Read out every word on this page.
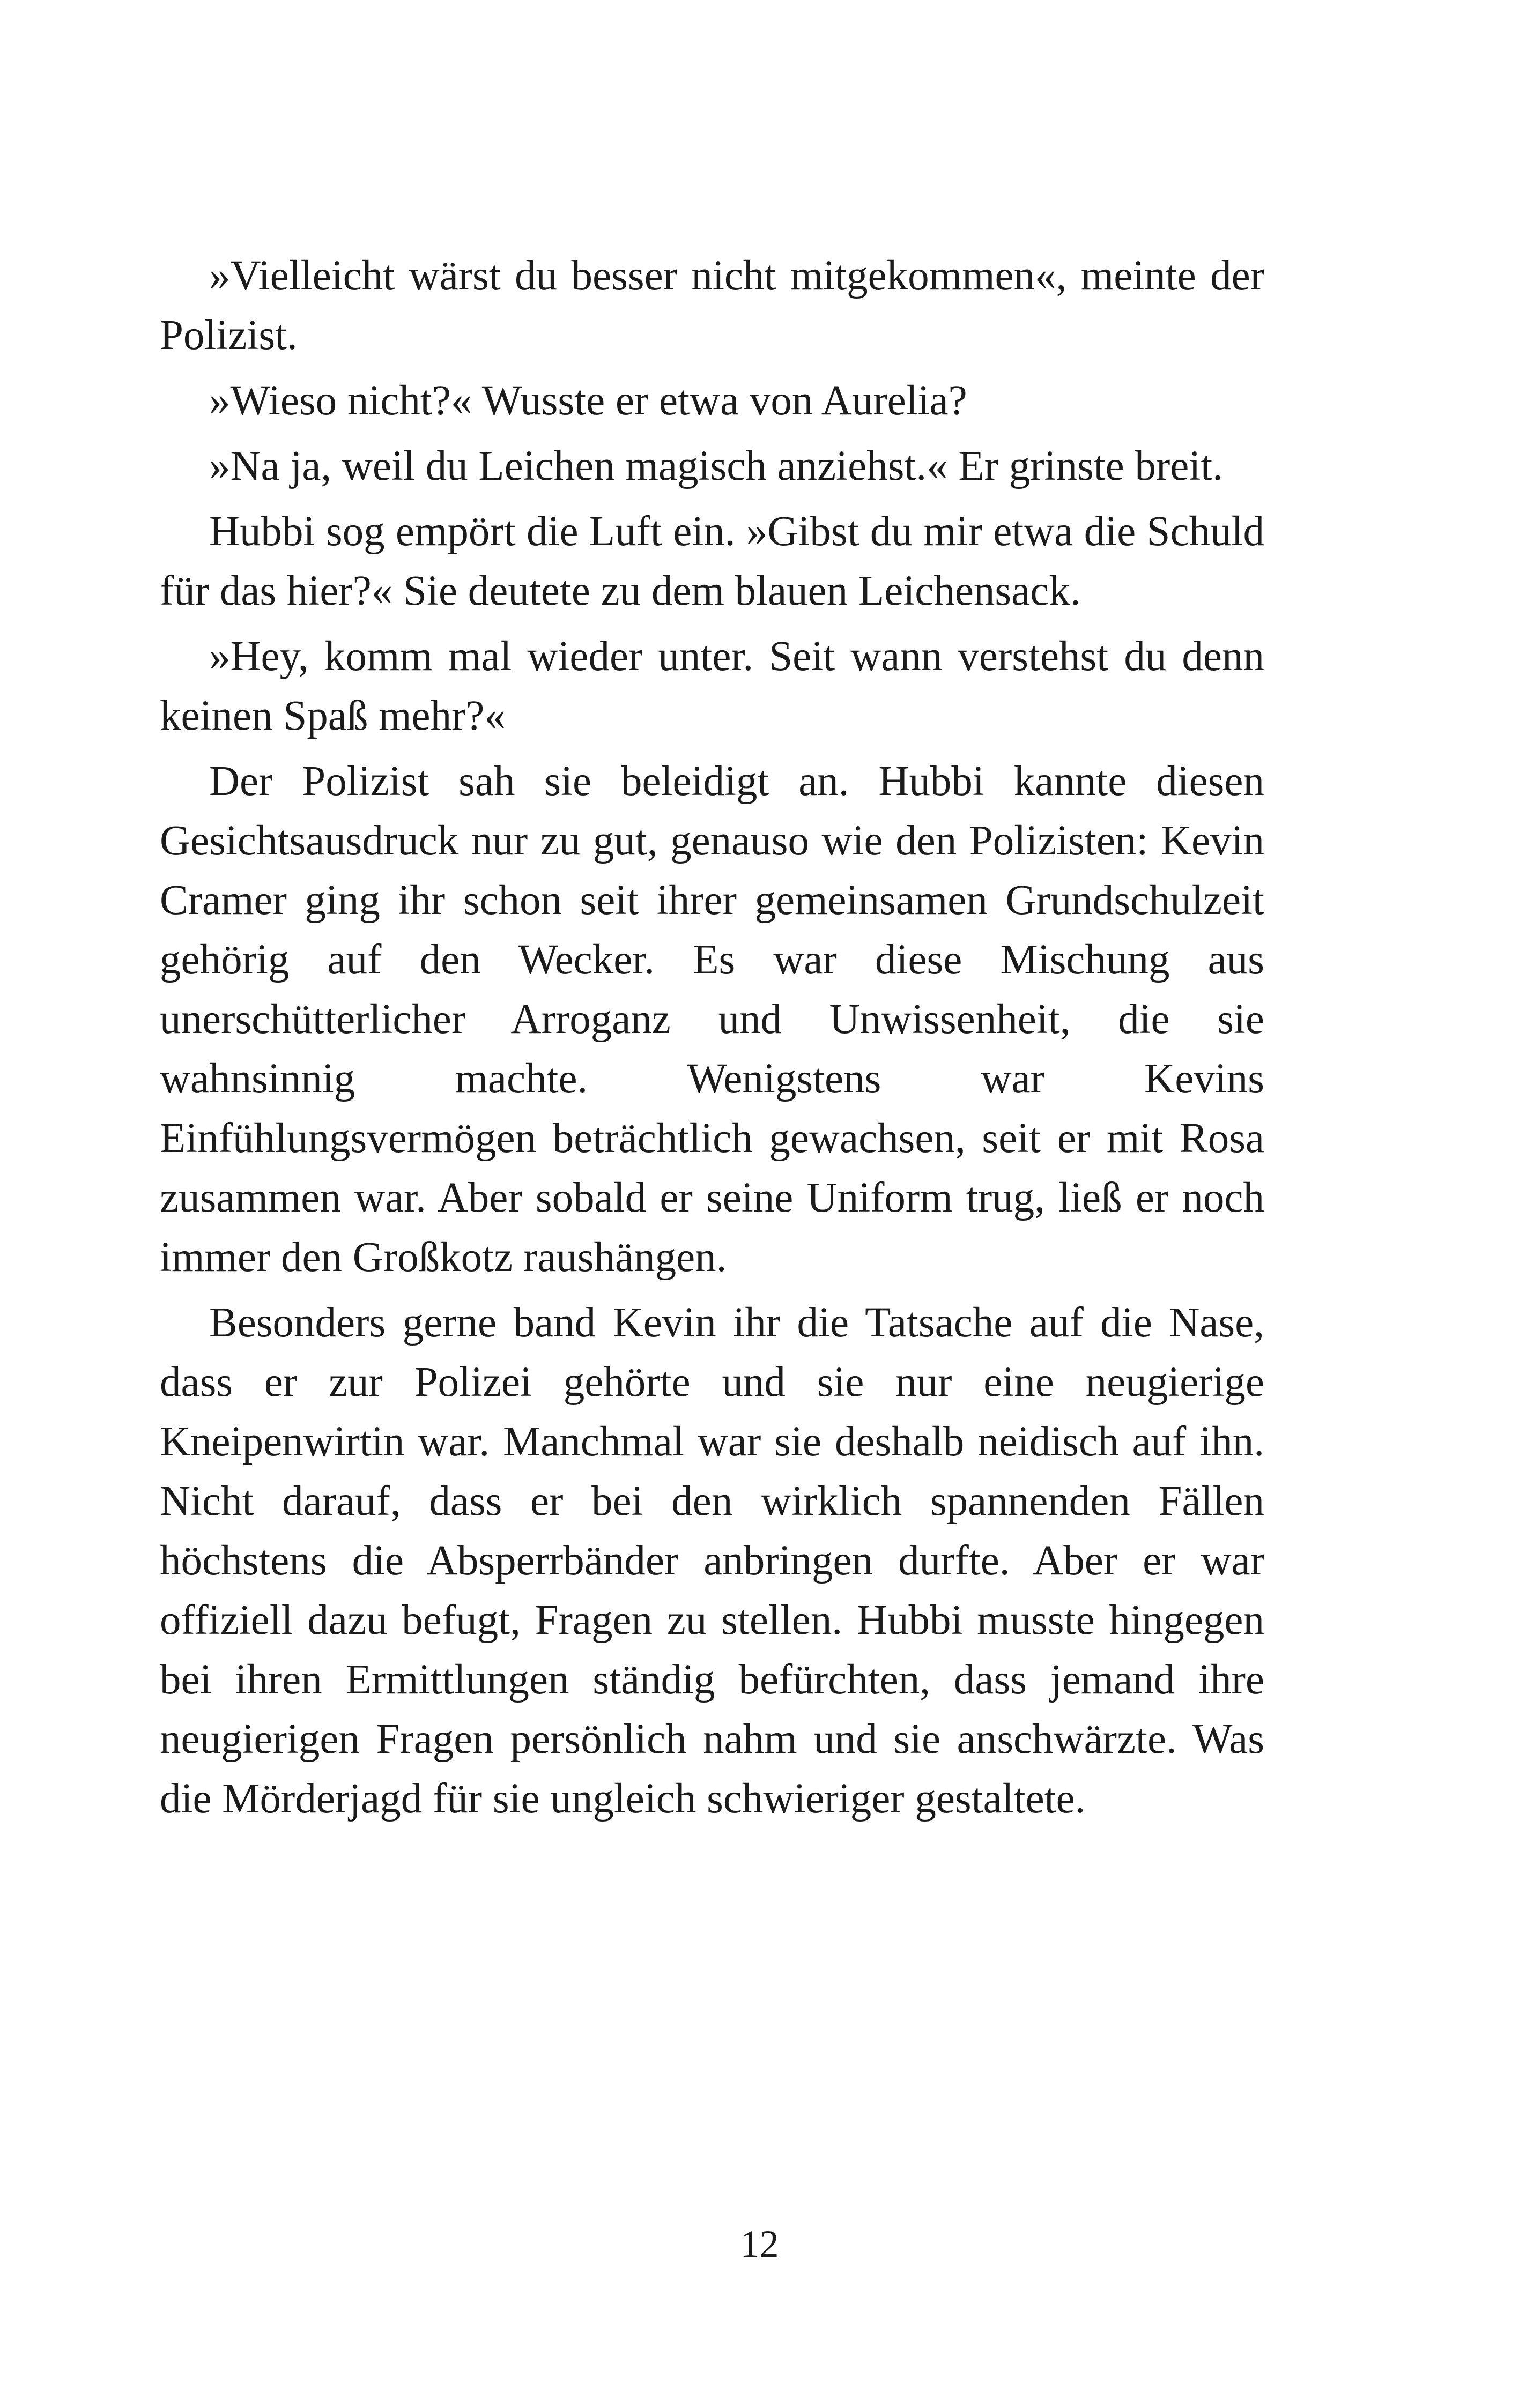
»Vielleicht wärst du besser nicht mitgekommen«, meinte der Polizist.

»Wieso nicht?« Wusste er etwa von Aurelia?

»Na ja, weil du Leichen magisch anziehst.« Er grinste breit.

Hubbi sog empört die Luft ein. »Gibst du mir etwa die Schuld für das hier?« Sie deutete zu dem blauen Leichensack.

»Hey, komm mal wieder unter. Seit wann verstehst du denn keinen Spaß mehr?«

Der Polizist sah sie beleidigt an. Hubbi kannte diesen Gesichtsausdruck nur zu gut, genauso wie den Polizisten: Kevin Cramer ging ihr schon seit ihrer gemeinsamen Grundschulzeit gehörig auf den Wecker. Es war diese Mischung aus unerschütterlicher Arroganz und Unwissenheit, die sie wahnsinnig machte. Wenigstens war Kevins Einfühlungsvermögen beträchtlich gewachsen, seit er mit Rosa zusammen war. Aber sobald er seine Uniform trug, ließ er noch immer den Großkotz raushängen.

Besonders gerne band Kevin ihr die Tatsache auf die Nase, dass er zur Polizei gehörte und sie nur eine neugierige Kneipenwirtin war. Manchmal war sie deshalb neidisch auf ihn. Nicht darauf, dass er bei den wirklich spannenden Fällen höchstens die Absperrbänder anbringen durfte. Aber er war offiziell dazu befugt, Fragen zu stellen. Hubbi musste hingegen bei ihren Ermittlungen ständig befürchten, dass jemand ihre neugierigen Fragen persönlich nahm und sie anschwärzte. Was die Mörderjagd für sie ungleich schwieriger gestaltete.

12
